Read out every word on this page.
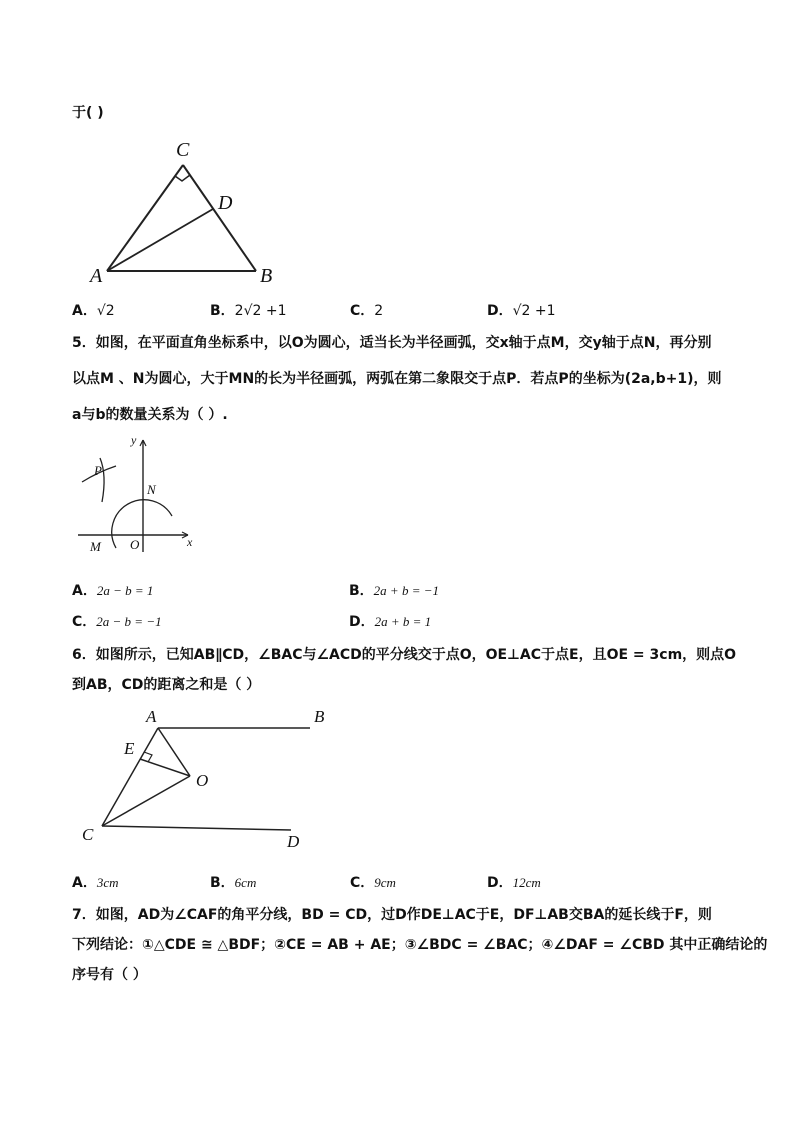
于( )
C
D
A	B
A．√2	B．2√2 +1	C．2	D．√2 +1
5．如图，在平面直角坐标系中，以O为圆心，适当长为半径画弧，交x轴于点M，交y轴于点N，再分别
以点M 、N为圆心，大于MN的长为半径画弧，两弧在第二象限交于点P．若点P的坐标为(2a,b+1)，则
a与b的数量关系为（ ）.
y
P
N
x
M O
A．2a − b = 1	B．2a + b = −1
C．2a − b = −1	D．2a + b = 1
6．如图所示，已知AB∥CD，∠BAC与∠ACD的平分线交于点O，OE⊥AC于点E，且OE = 3cm，则点O
到AB，CD的距离之和是（ ）
A	B
E
O
C	D
A．3cm	B．6cm	C．9cm	D．12cm
7．如图，AD为∠CAF的角平分线，BD = CD，过D作DE⊥AC于E，DF⊥AB交BA的延长线于F，则
下列结论：①△CDE ≅ △BDF；②CE = AB + AE；③∠BDC = ∠BAC；④∠DAF = ∠CBD 其中正确结论的
序号有（ ）
